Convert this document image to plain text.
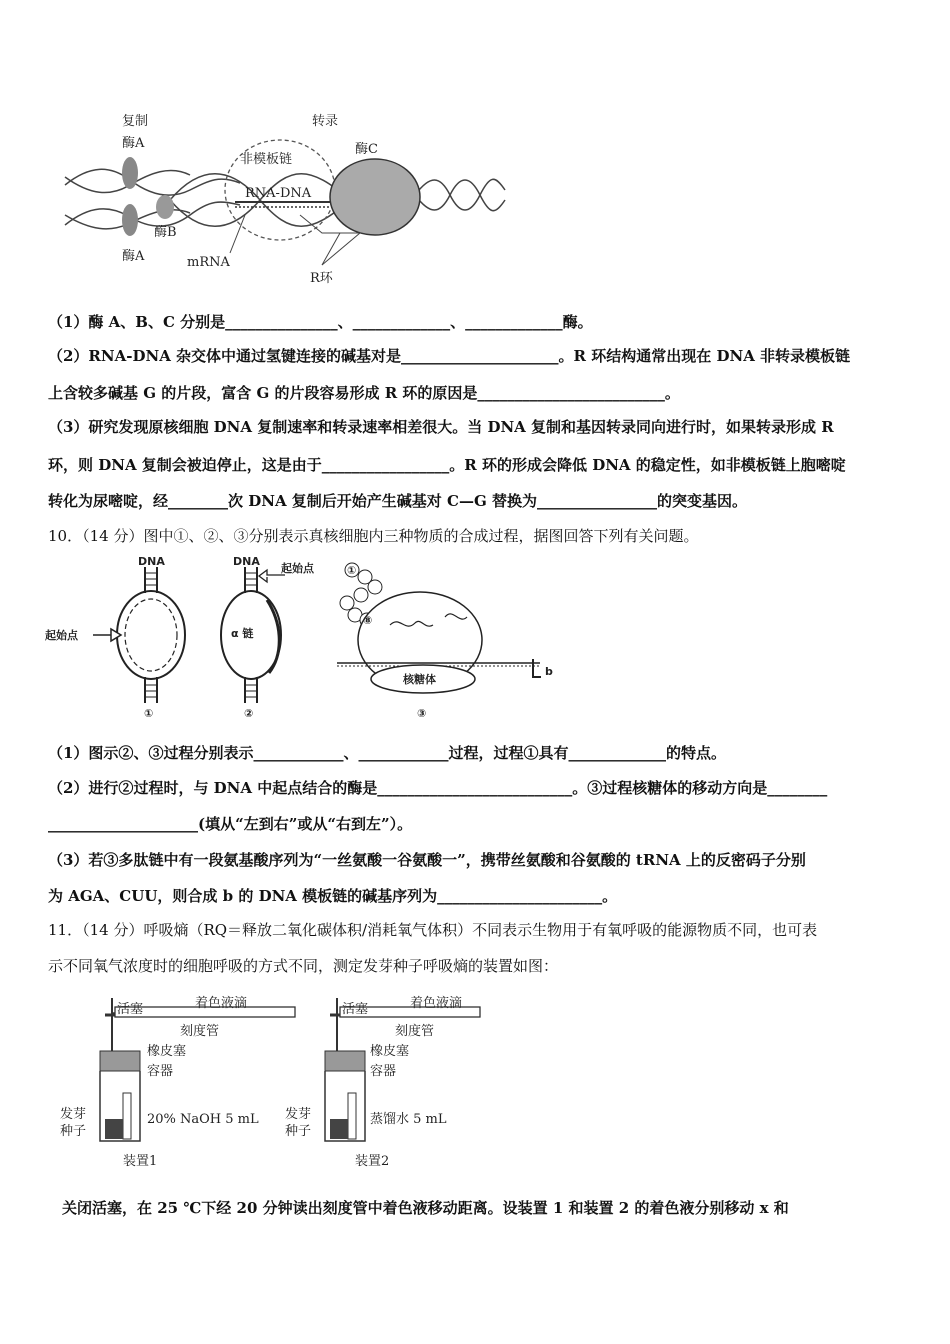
复制
酶A
酶B
酶A	mRNA
转录
非模板链
RNA-DNA
酶C
R环
（1）酶 A、B、C 分别是_______________、_____________、_____________酶。
（2）RNA-DNA 杂交体中通过氢键连接的碱基对是_____________________。R 环结构通常出现在 DNA 非转录模板链
上含较多碱基 G 的片段，富含 G 的片段容易形成 R 环的原因是_________________________。
（3）研究发现原核细胞 DNA 复制速率和转录速率相差很大。当 DNA 复制和基因转录同向进行时，如果转录形成 R
环，则 DNA 复制会被迫停止，这是由于_________________。R 环的形成会降低 DNA 的稳定性，如非模板链上胞嘧啶
转化为尿嘧啶，经________次 DNA 复制后开始产生碱基对 C—G 替换为________________的突变基因。
10．（14 分）图中①、②、③分别表示真核细胞内三种物质的合成过程，据图回答下列有关问题。
DNA
起始点
①
DNA
起始点
α 链
②
①
⑧
核糖体
b
③
（1）图示②、③过程分别表示____________、____________过程，过程①具有_____________的特点。
（2）进行②过程时，与 DNA 中起点结合的酶是__________________________。③过程核糖体的移动方向是________
____________________(填从“左到右”或从“右到左”）。
（3）若③多肽链中有一段氨基酸序列为“一丝氨酸一谷氨酸一”，携带丝氨酸和谷氨酸的 tRNA 上的反密码子分别
为 AGA、CUU，则合成 b 的 DNA 模板链的碱基序列为______________________。
11．（14 分）呼吸熵（RQ＝释放二氧化碳体积/消耗氧气体积）不同表示生物用于有氧呼吸的能源物质不同，也可表
示不同氧气浓度时的细胞呼吸的方式不同，测定发芽种子呼吸熵的装置如图：
活塞	着色液滴
刻度管
橡皮塞
容器
20% NaOH 5 mL
发芽
种子
装置1
活塞	着色液滴
刻度管
橡皮塞
容器
蒸馏水 5 mL
发芽
种子
装置2
关闭活塞，在 25 ℃下经 20 分钟读出刻度管中着色液移动距离。设装置 1 和装置 2 的着色液分别移动 x 和
